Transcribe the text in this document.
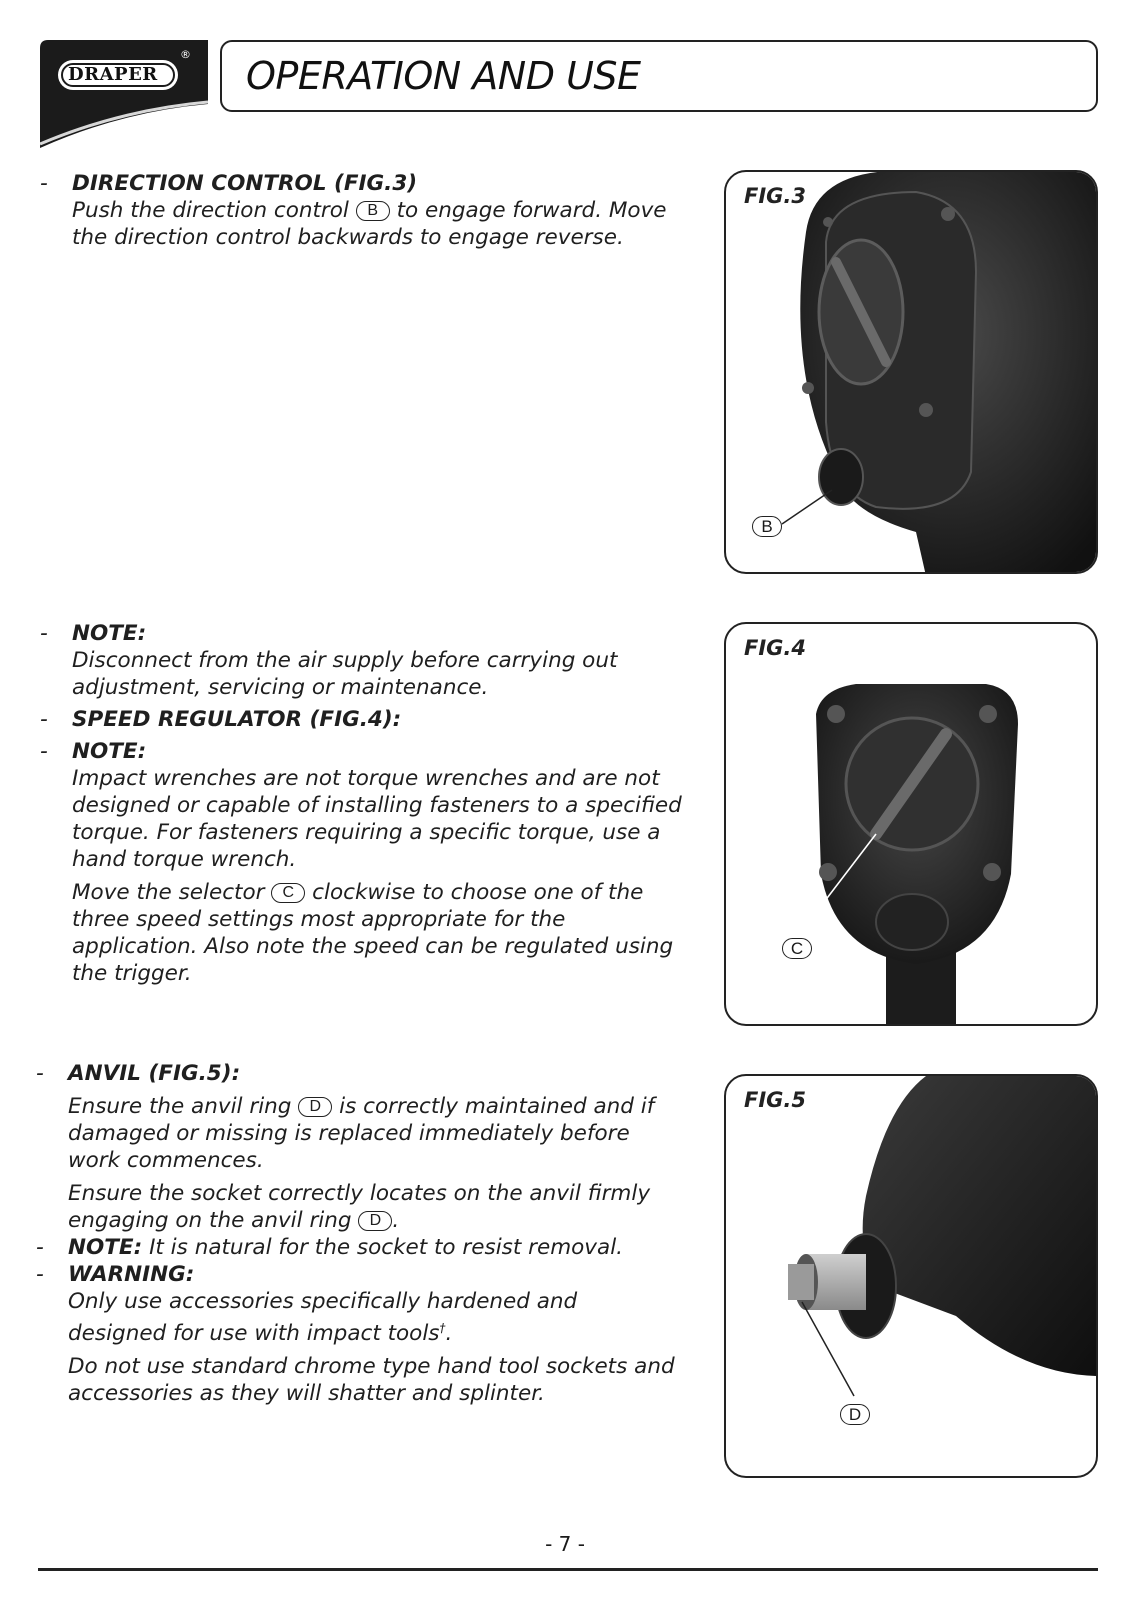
DRAPER
® OPERATION AND USE
- DIRECTION CONTROL (FIG.3)

Push the direction control B to engage forward. Move

the direction control backwards to engage reverse.

- NOTE:

Disconnect from the air supply before carrying out adjustment, servicing or maintenance.

- SPEED REGULATOR (FIG.4):

- NOTE:

Impact wrenches are not torque wrenches and are not designed or capable of installing fasteners to a specified torque. For fasteners requiring a specific torque, use a hand torque wrench.

Move the selector C clockwise to choose one of the three speed settings most appropriate for the application. Also note the speed can be regulated using the trigger.

- ANVIL (FIG.5):

Ensure the anvil ring D is correctly maintained and if damaged or missing is replaced immediately before work commences.

Ensure the socket correctly locates on the anvil firmly engaging on the anvil ring D .

- NOTE: It is natural for the socket to resist removal.

- WARNING:

Only use accessories specifically hardened and designed for use with impact tools†.

Do not use standard chrome type hand tool sockets and accessories as they will shatter and splinter.

FIG.3
B
FIG.4
C
FIG.5
D
- 7 -
